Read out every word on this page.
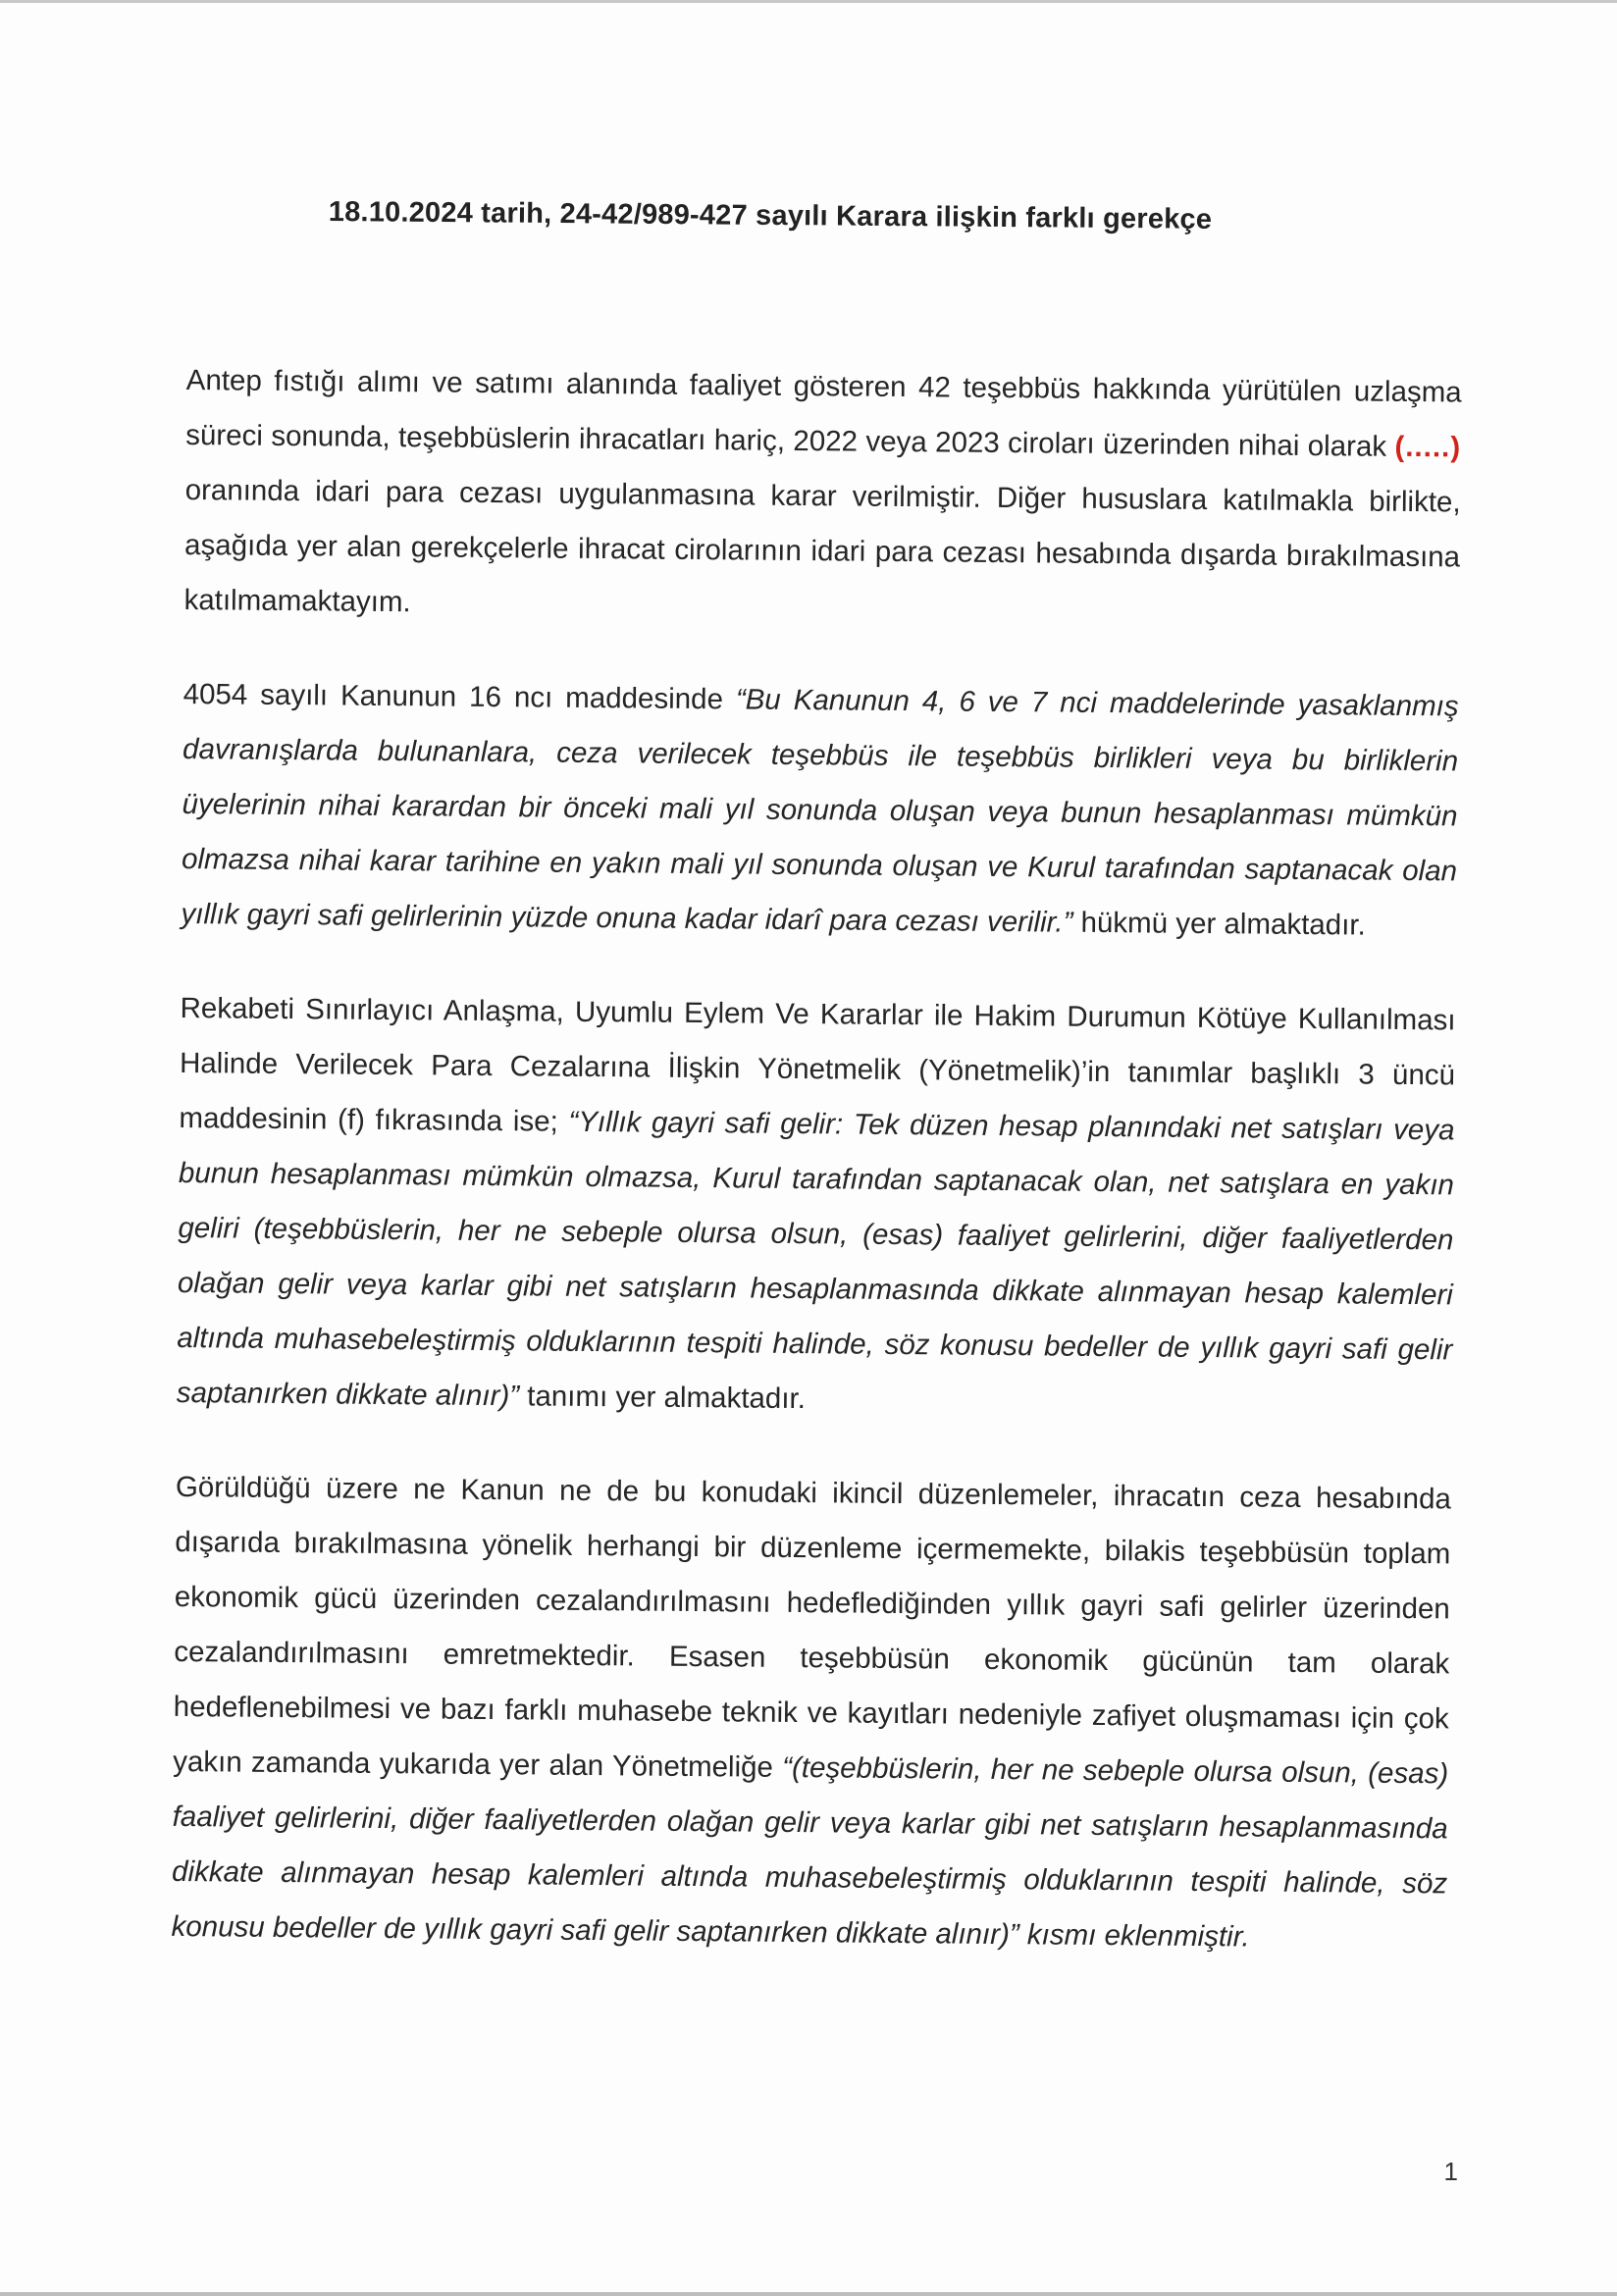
18.10.2024 tarih, 24-42/989-427 sayılı Karara ilişkin farklı gerekçe

Antep fıstığı alımı ve satımı alanında faaliyet gösteren 42 teşebbüs hakkında yürütülen uzlaşma süreci sonunda, teşebbüslerin ihracatları hariç, 2022 veya 2023 ciroları üzerinden nihai olarak (.....) oranında idari para cezası uygulanmasına karar verilmiştir. Diğer hususlara katılmakla birlikte, aşağıda yer alan gerekçelerle ihracat cirolarının idari para cezası hesabında dışarda bırakılmasına katılmamaktayım.

4054 sayılı Kanunun 16 ncı maddesinde “Bu Kanunun 4, 6 ve 7 nci maddelerinde yasaklanmış davranışlarda bulunanlara, ceza verilecek teşebbüs ile teşebbüs birlikleri veya bu birliklerin üyelerinin nihai karardan bir önceki mali yıl sonunda oluşan veya bunun hesaplanması mümkün olmazsa nihai karar tarihine en yakın mali yıl sonunda oluşan ve Kurul tarafından saptanacak olan yıllık gayri safi gelirlerinin yüzde onuna kadar idarî para cezası verilir.” hükmü yer almaktadır.

Rekabeti Sınırlayıcı Anlaşma, Uyumlu Eylem Ve Kararlar ile Hakim Durumun Kötüye Kullanılması Halinde Verilecek Para Cezalarına İlişkin Yönetmelik (Yönetmelik)’in tanımlar başlıklı 3 üncü maddesinin (f) fıkrasında ise; “Yıllık gayri safi gelir: Tek düzen hesap planındaki net satışları veya bunun hesaplanması mümkün olmazsa, Kurul tarafından saptanacak olan, net satışlara en yakın geliri (teşebbüslerin, her ne sebeple olursa olsun, (esas) faaliyet gelirlerini, diğer faaliyetlerden olağan gelir veya karlar gibi net satışların hesaplanmasında dikkate alınmayan hesap kalemleri altında muhasebeleştirmiş olduklarının tespiti halinde, söz konusu bedeller de yıllık gayri safi gelir saptanırken dikkate alınır)” tanımı yer almaktadır.

Görüldüğü üzere ne Kanun ne de bu konudaki ikincil düzenlemeler, ihracatın ceza hesabında dışarıda bırakılmasına yönelik herhangi bir düzenleme içermemekte, bilakis teşebbüsün toplam ekonomik gücü üzerinden cezalandırılmasını hedeflediğinden yıllık gayri safi gelirler üzerinden cezalandırılmasını emretmektedir. Esasen teşebbüsün ekonomik gücünün tam olarak hedeflenebilmesi ve bazı farklı muhasebe teknik ve kayıtları nedeniyle zafiyet oluşmaması için çok yakın zamanda yukarıda yer alan Yönetmeliğe “(teşebbüslerin, her ne sebeple olursa olsun, (esas) faaliyet gelirlerini, diğer faaliyetlerden olağan gelir veya karlar gibi net satışların hesaplanmasında dikkate alınmayan hesap kalemleri altında muhasebeleştirmiş olduklarının tespiti halinde, söz konusu bedeller de yıllık gayri safi gelir saptanırken dikkate alınır)” kısmı eklenmiştir.

1
